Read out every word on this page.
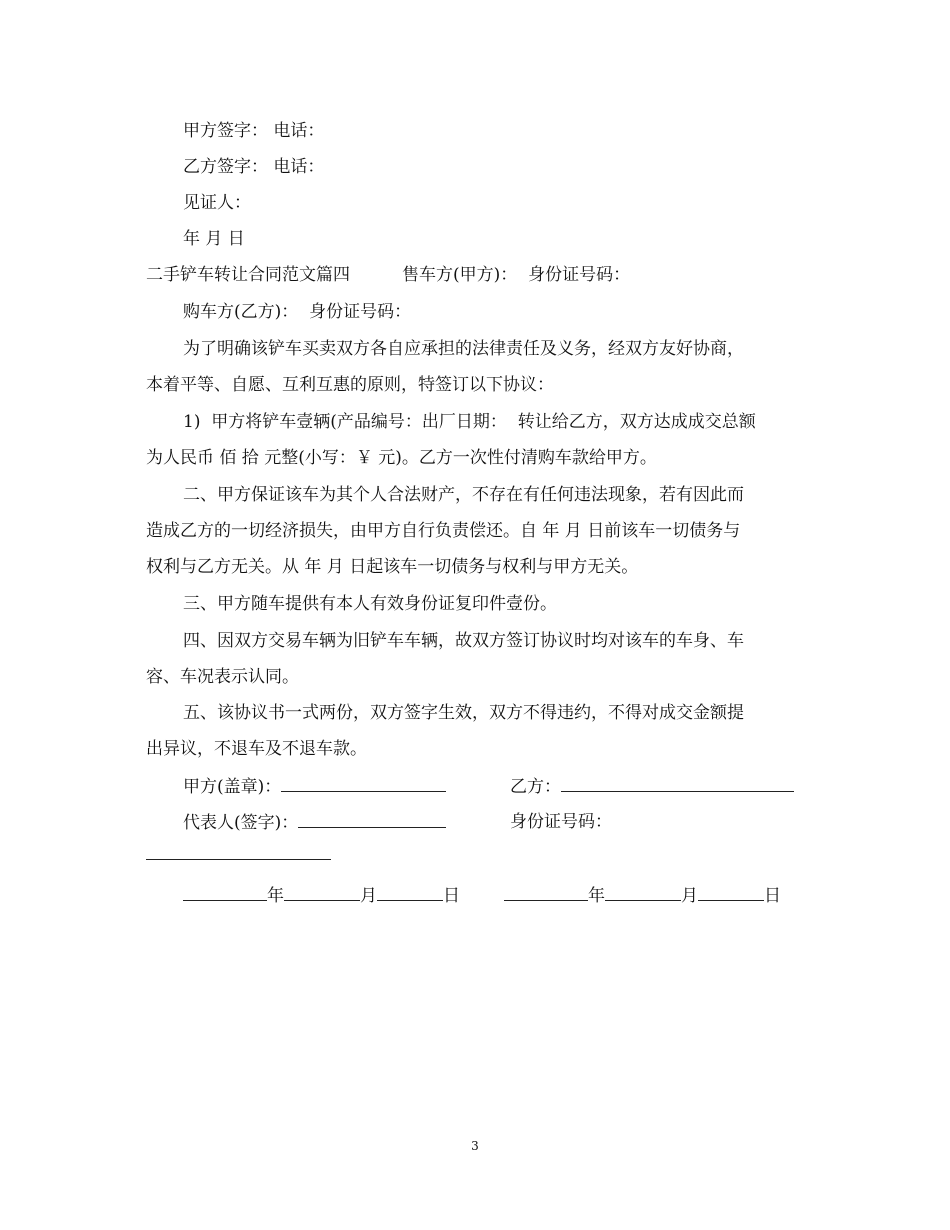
甲方签字： 电话：
乙方签字： 电话：
见证人：
年 月 日
二手铲车转让合同范文篇四	售车方(甲方)：  身份证号码：
购车方(乙方)：  身份证号码：
为了明确该铲车买卖双方各自应承担的法律责任及义务，经双方友好协商，
本着平等、自愿、互利互惠的原则，特签订以下协议：
1)  甲方将铲车壹辆(产品编号：出厂日期：  转让给乙方，双方达成成交总额
为人民币 佰 拾 元整(小写：￥ 元)。乙方一次性付清购车款给甲方。
二、甲方保证该车为其个人合法财产，不存在有任何违法现象，若有因此而
造成乙方的一切经济损失，由甲方自行负责偿还。自 年 月 日前该车一切债务与
权利与乙方无关。从 年 月 日起该车一切债务与权利与甲方无关。
三、甲方随车提供有本人有效身份证复印件壹份。
四、因双方交易车辆为旧铲车车辆，故双方签订协议时均对该车的车身、车
容、车况表示认同。
五、该协议书一式两份，双方签字生效，双方不得违约，不得对成交金额提
出异议，不退车及不退车款。
甲方(盖章)：	乙方：
代表人(签字)：	身份证号码：
年	月	日	年	月	日
3
